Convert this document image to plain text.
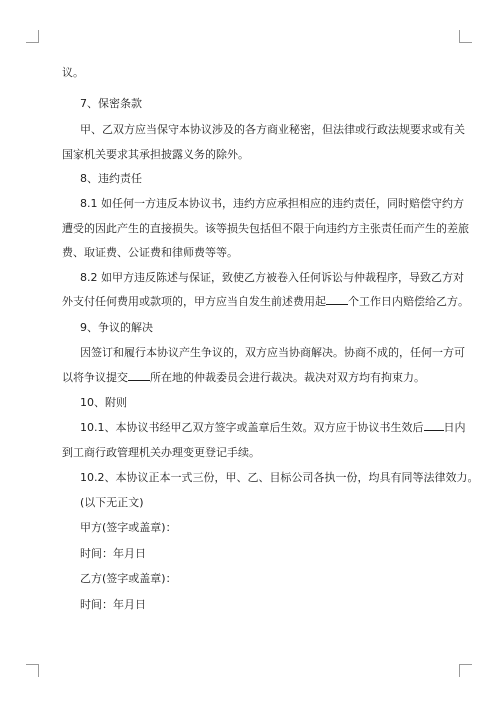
议。
7、保密条款
甲、乙双方应当保守本协议涉及的各方商业秘密，但法律或行政法规要求或有关
国家机关要求其承担披露义务的除外。
8、违约责任
8.1 如任何一方违反本协议书，违约方应承担相应的违约责任，同时赔偿守约方
遭受的因此产生的直接损失。该等损失包括但不限于向违约方主张责任而产生的差旅
费、取证费、公证费和律师费等等。
8.2 如甲方违反陈述与保证，致使乙方被卷入任何诉讼与仲裁程序，导致乙方对
外支付任何费用或款项的，甲方应当自发生前述费用起 个工作日内赔偿给乙方。
9、争议的解决
因签订和履行本协议产生争议的，双方应当协商解决。协商不成的，任何一方可
以将争议提交 所在地的仲裁委员会进行裁决。裁决对双方均有拘束力。
10、附则
10.1、本协议书经甲乙双方签字或盖章后生效。双方应于协议书生效后 日内
到工商行政管理机关办理变更登记手续。
10.2、本协议正本一式三份，甲、乙、目标公司各执一份，均具有同等法律效力。
(以下无正文)
甲方(签字或盖章)：
时间：年月日
乙方(签字或盖章)：
时间：年月日
